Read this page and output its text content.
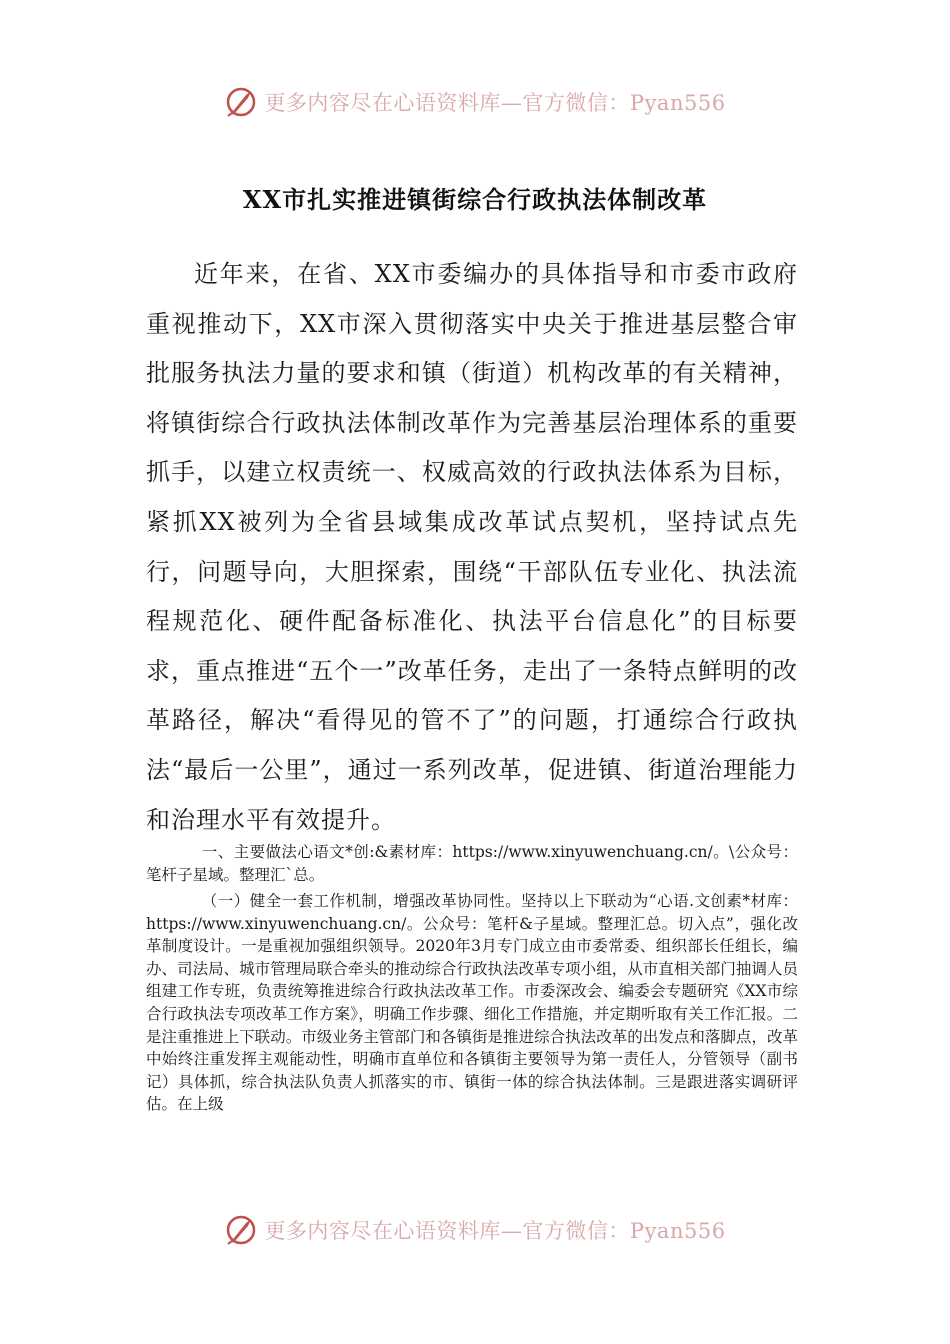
更多内容尽在心语资料库—官方微信：Pyan556
XX市扎实推进镇街综合行政执法体制改革

近年来，在省、XX市委编办的具体指导和市委市政府重视推动下，XX市深入贯彻落实中央关于推进基层整合审批服务执法力量的要求和镇（街道）机构改革的有关精神，将镇街综合行政执法体制改革作为完善基层治理体系的重要抓手，以建立权责统一、权威高效的行政执法体系为目标，紧抓XX被列为全省县域集成改革试点契机，坚持试点先行，问题导向，大胆探索，围绕“干部队伍专业化、执法流程规范化、硬件配备标准化、执法平台信息化”的目标要求，重点推进“五个一”改革任务，走出了一条特点鲜明的改革路径，解决“看得见的管不了”的问题，打通综合行政执法“最后一公里”，通过一系列改革，促进镇、街道治理能力和治理水平有效提升。

一、主要做法心语文*创:&素材库：https://www.xinyuwenchuang.cn/。\公众号：笔杆子星域。整理汇`总。

（一）健全一套工作机制，增强改革协同性。坚持以上下联动为“心语.文创素*材库：https://www.xinyuwenchuang.cn/。公众号：笔杆&子星域。整理汇总。切入点”，强化改革制度设计。一是重视加强组织领导。2020年3月专门成立由市委常委、组织部长任组长，编办、司法局、城市管理局联合牵头的推动综合行政执法改革专项小组，从市直相关部门抽调人员组建工作专班，负责统筹推进综合行政执法改革工作。市委深改会、编委会专题研究《XX市综合行政执法专项改革工作方案》，明确工作步骤、细化工作措施，并定期听取有关工作汇报。二是注重推进上下联动。市级业务主管部门和各镇街是推进综合执法改革的出发点和落脚点，改革中始终注重发挥主观能动性，明确市直单位和各镇街主要领导为第一责任人，分管领导（副书记）具体抓，综合执法队负责人抓落实的市、镇街一体的综合执法体制。三是跟进落实调研评估。在上级

更多内容尽在心语资料库—官方微信：Pyan556
